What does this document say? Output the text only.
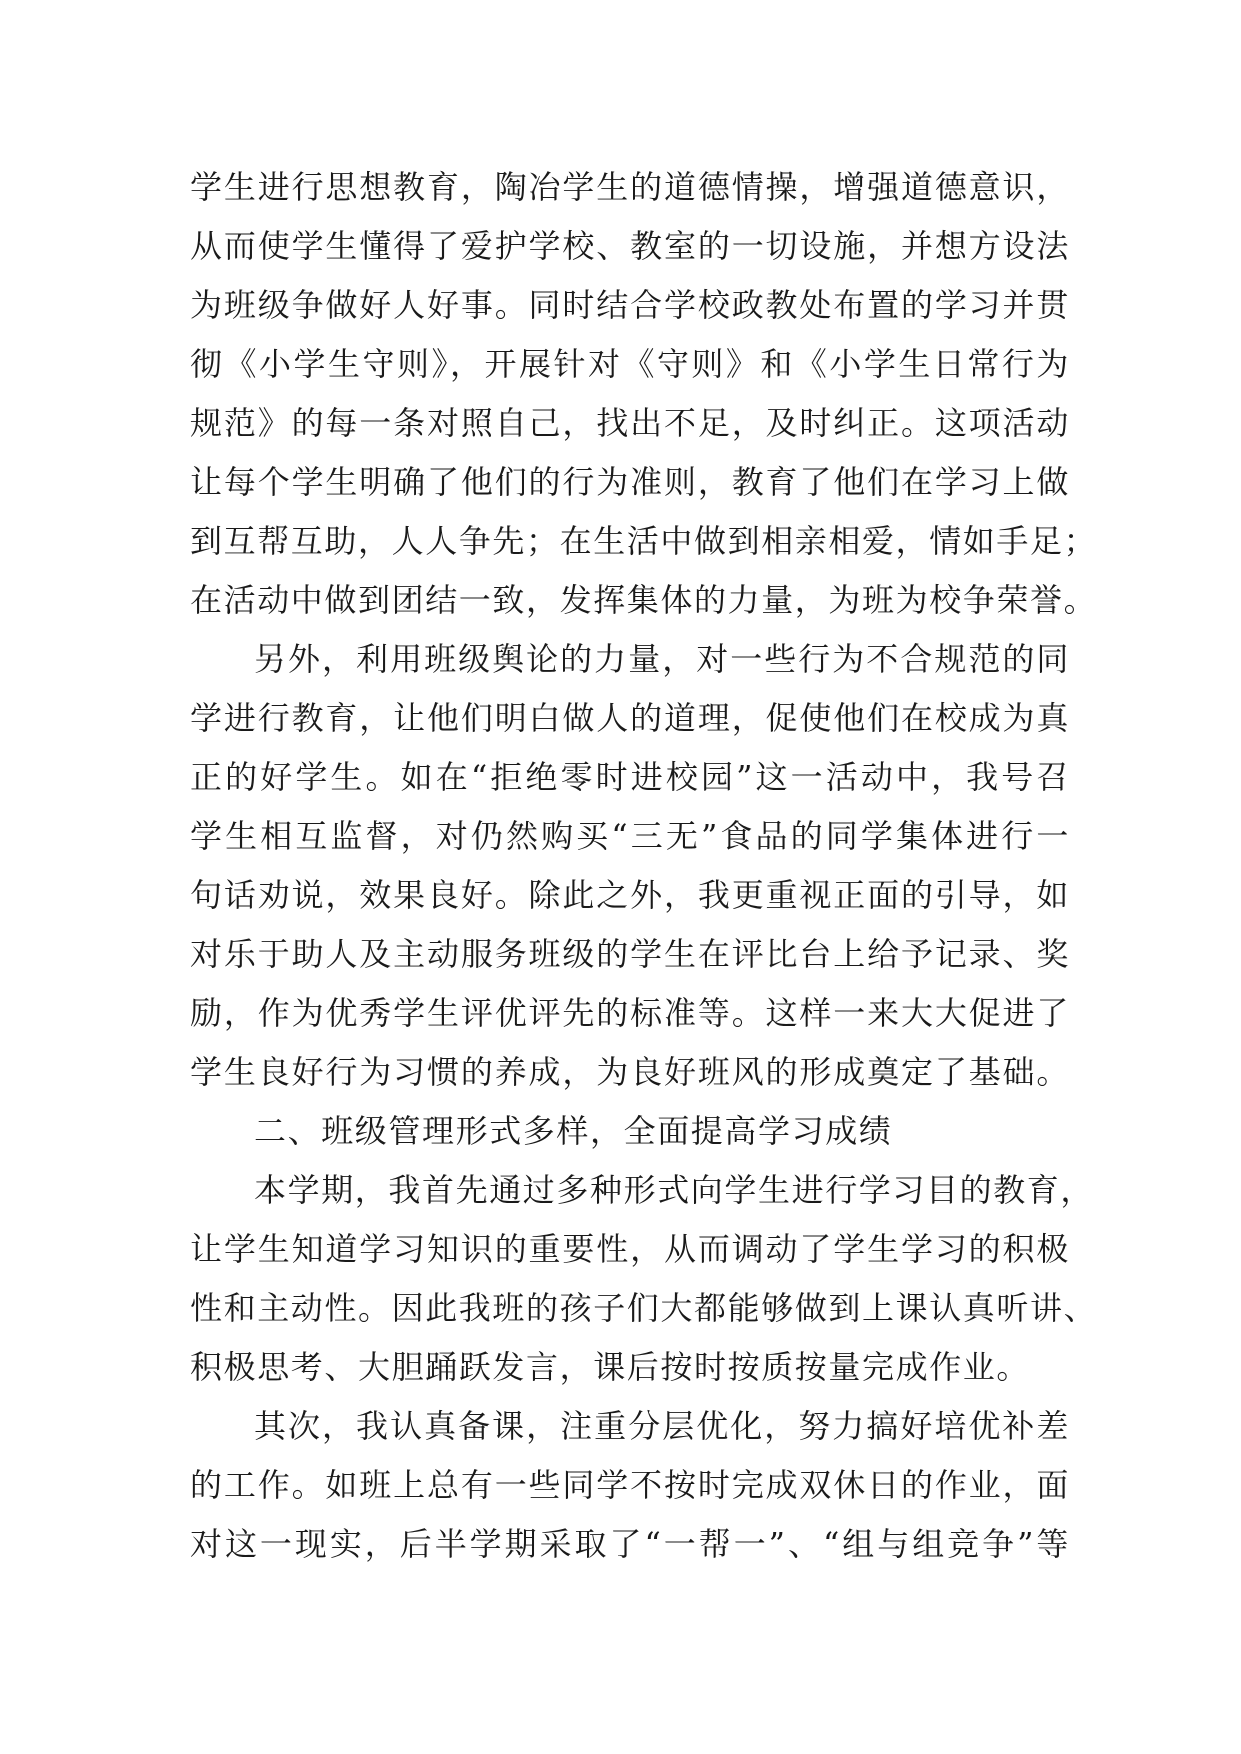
学生进行思想教育，陶冶学生的道德情操，增强道德意识，
从而使学生懂得了爱护学校、教室的一切设施，并想方设法
为班级争做好人好事。同时结合学校政教处布置的学习并贯
彻《小学生守则》，开展针对《守则》和《小学生日常行为
规范》的每一条对照自己，找出不足，及时纠正。这项活动
让每个学生明确了他们的行为准则，教育了他们在学习上做
到互帮互助，人人争先；在生活中做到相亲相爱，情如手足；
在活动中做到团结一致，发挥集体的力量，为班为校争荣誉。
另外，利用班级舆论的力量，对一些行为不合规范的同
学进行教育，让他们明白做人的道理，促使他们在校成为真
正的好学生。如在“拒绝零时进校园”这一活动中，我号召
学生相互监督，对仍然购买“三无”食品的同学集体进行一
句话劝说，效果良好。除此之外，我更重视正面的引导，如
对乐于助人及主动服务班级的学生在评比台上给予记录、奖
励，作为优秀学生评优评先的标准等。这样一来大大促进了
学生良好行为习惯的养成，为良好班风的形成奠定了基础。
二、班级管理形式多样，全面提高学习成绩
本学期，我首先通过多种形式向学生进行学习目的教育，
让学生知道学习知识的重要性，从而调动了学生学习的积极
性和主动性。因此我班的孩子们大都能够做到上课认真听讲、
积极思考、大胆踊跃发言，课后按时按质按量完成作业。
其次，我认真备课，注重分层优化，努力搞好培优补差
的工作。如班上总有一些同学不按时完成双休日的作业，面
对这一现实，后半学期采取了“一帮一”、“组与组竞争”等
